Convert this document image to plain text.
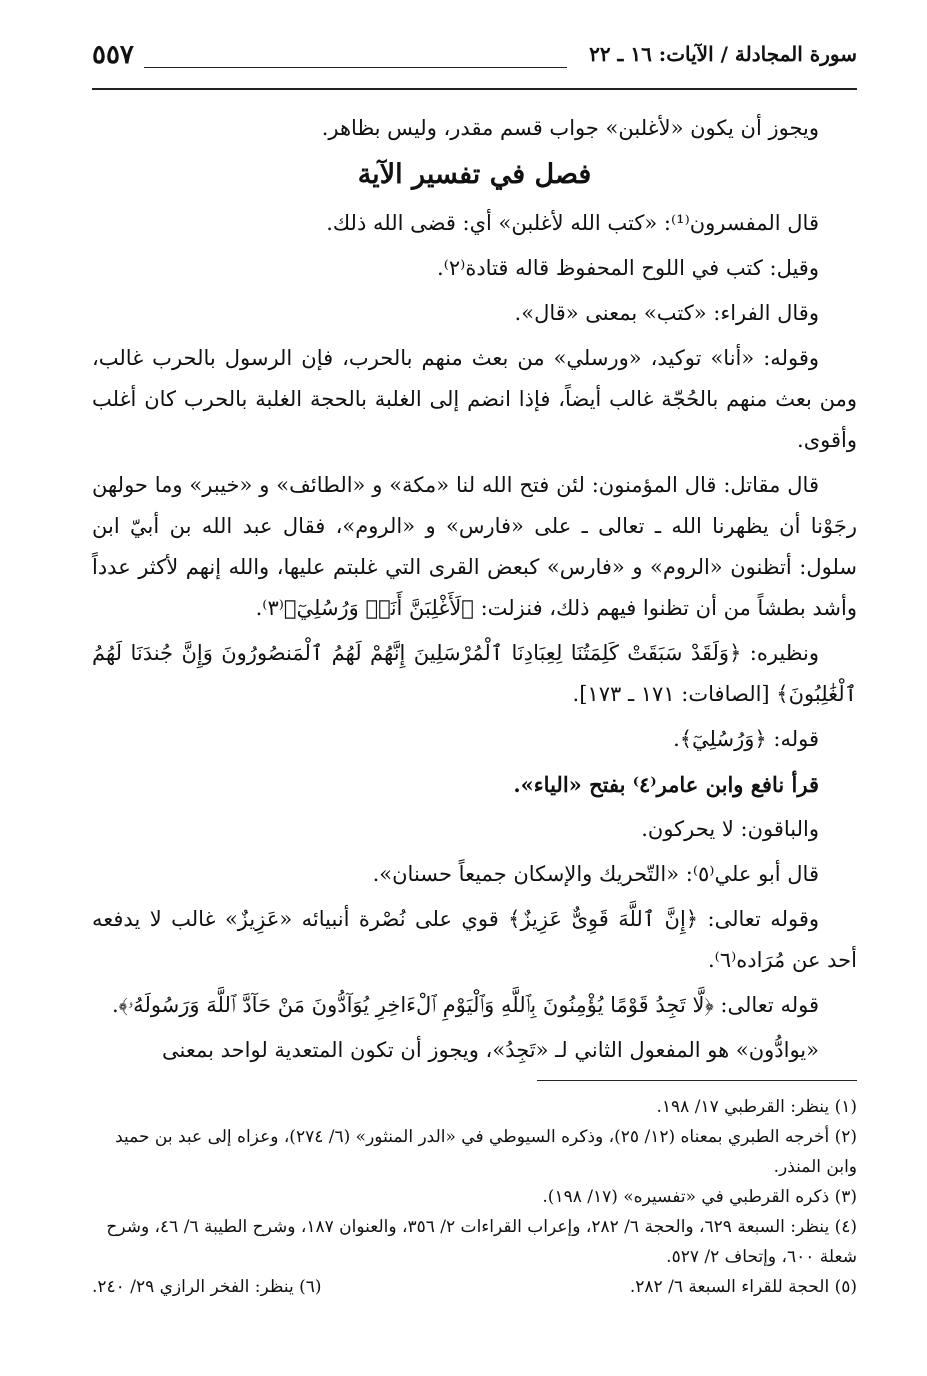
٥٥٧	سورة المجادلة / الآيات: ١٦ ـ ٢٢

ويجوز أن يكون «لأغلبن» جواب قسم مقدر، وليس بظاهر.

فصل في تفسير الآية

قال المفسرون⁽¹⁾: «كتب الله لأغلبن» أي: قضى الله ذلك.

وقيل: كتب في اللوح المحفوظ قاله قتادة⁽٢⁾.

وقال الفراء: «كتب» بمعنى «قال».

وقوله: «أنا» توكيد، «ورسلي» من بعث منهم بالحرب، فإن الرسول بالحرب غالب، ومن بعث منهم بالحُجّة غالب أيضاً، فإذا انضم إلى الغلبة بالحجة الغلبة بالحرب كان أغلب وأقوى.

قال مقاتل: قال المؤمنون: لئن فتح الله لنا «مكة» و «الطائف» و «خيبر» وما حولهن رجَوْنا أن يظهرنا الله ـ تعالى ـ على «فارس» و «الروم»، فقال عبد الله بن أبيّ ابن سلول: أتظنون «الروم» و «فارس» كبعض القرى التي غلبتم عليها، والله إنهم لأكثر عدداً وأشد بطشاً من أن تظنوا فيهم ذلك، فنزلت: ﴿لَأَغْلِبَنَّ أَنَا۠ وَرُسُلِيٓ﴾⁽٣⁾.

ونظيره: ﴿وَلَقَدْ سَبَقَتْ كَلِمَتُنَا لِعِبَادِنَا ٱلْمُرْسَلِينَ إِنَّهُمْ لَهُمُ ٱلْمَنصُورُونَ وَإِنَّ جُندَنَا لَهُمُ ٱلْغَٰلِبُونَ﴾ [الصافات: ١٧١ ـ ١٧٣].

قوله: ﴿وَرُسُلِيٓ﴾.

قرأ نافع وابن عامر⁽٤⁾ بفتح «الياء».

والباقون: لا يحركون.

قال أبو علي⁽٥⁾: «التّحريك والإسكان جميعاً حسنان».

وقوله تعالى: ﴿إِنَّ ٱللَّهَ قَوِىٌّ عَزِيزٌ﴾ قوي على نُصْرة أنبيائه «عَزِيزٌ» غالب لا يدفعه أحد عن مُرَاده⁽٦⁾.

قوله تعالى: ﴿لَّا تَجِدُ قَوْمًا يُؤْمِنُونَ بِٱللَّهِ وَٱلْيَوْمِ ٱلْءَاخِرِ يُوَآدُّونَ مَنْ حَآدَّ ٱللَّهَ وَرَسُولَهُۥ﴾.

«يوادُّون» هو المفعول الثاني لـ «تَجِدُ»، ويجوز أن تكون المتعدية لواحد بمعنى

(١) ينظر: القرطبي ١٧/ ١٩٨.

(٢) أخرجه الطبري بمعناه (١٢/ ٢٥)، وذكره السيوطي في «الدر المنثور» (٦/ ٢٧٤)، وعزاه إلى عبد بن حميد وابن المنذر.

(٣) ذكره القرطبي في «تفسيره» (١٧/ ١٩٨).

(٤) ينظر: السبعة ٦٢٩، والحجة ٦/ ٢٨٢، وإعراب القراءات ٢/ ٣٥٦، والعنوان ١٨٧، وشرح الطيبة ٦/ ٤٦، وشرح شعلة ٦٠٠، وإتحاف ٢/ ٥٢٧.

(٥) الحجة للقراء السبعة ٦/ ٢٨٢.
(٦) ينظر: الفخر الرازي ٢٩/ ٢٤٠.
